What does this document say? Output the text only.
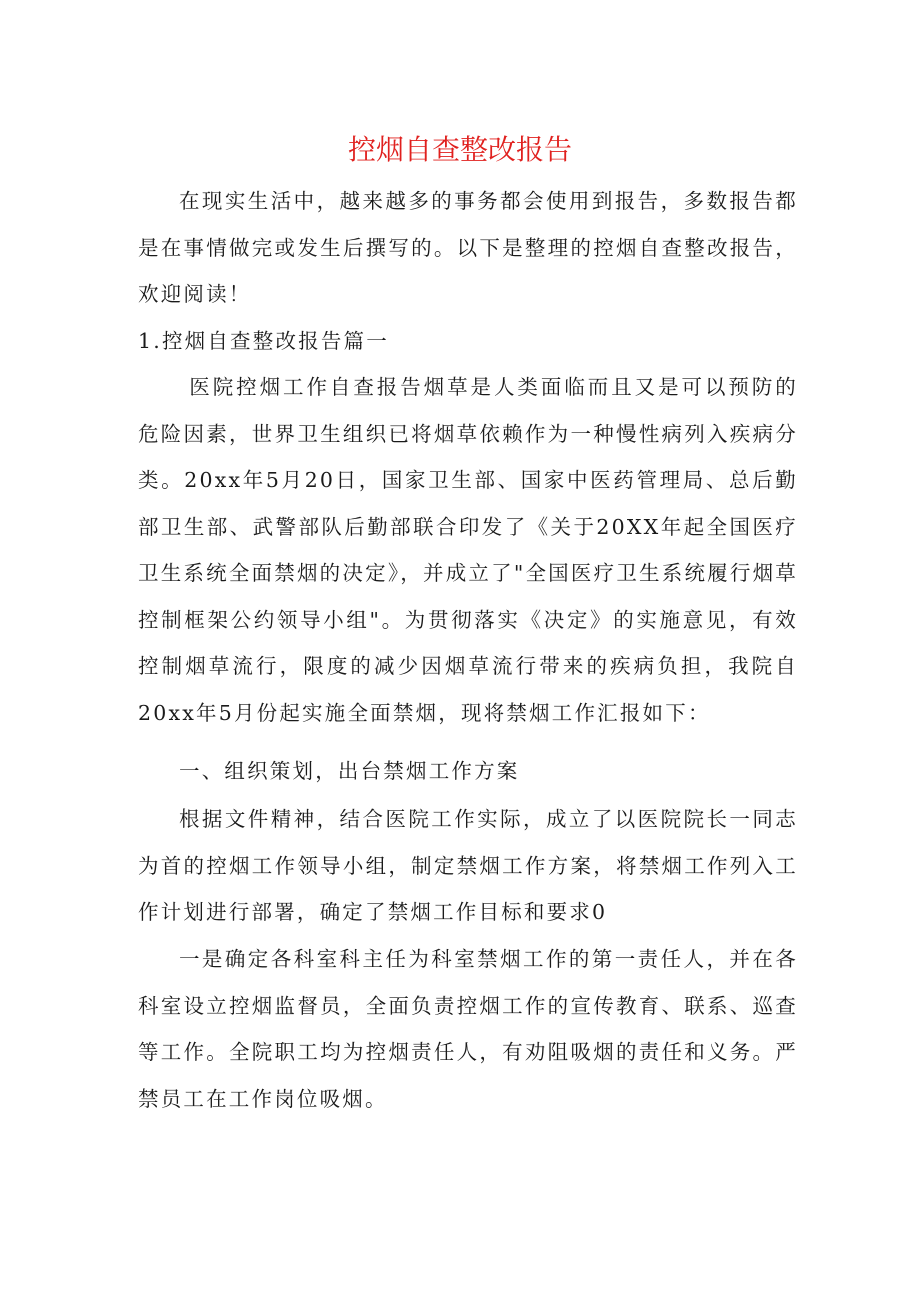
控烟自查整改报告

在现实生活中，越来越多的事务都会使用到报告，多数报告都是在事情做完或发生后撰写的。以下是整理的控烟自查整改报告，欢迎阅读！

1.控烟自查整改报告篇一

医院控烟工作自查报告烟草是人类面临而且又是可以预防的危险因素，世界卫生组织已将烟草依赖作为一种慢性病列入疾病分类。20xx年5月20日，国家卫生部、国家中医药管理局、总后勤部卫生部、武警部队后勤部联合印发了《关于20XX年起全国医疗卫生系统全面禁烟的决定》，并成立了"全国医疗卫生系统履行烟草控制框架公约领导小组"。为贯彻落实《决定》的实施意见，有效控制烟草流行，限度的减少因烟草流行带来的疾病负担，我院自20xx年5月份起实施全面禁烟，现将禁烟工作汇报如下：

一、组织策划，出台禁烟工作方案

根据文件精神，结合医院工作实际，成立了以医院院长一同志为首的控烟工作领导小组，制定禁烟工作方案，将禁烟工作列入工作计划进行部署，确定了禁烟工作目标和要求0

一是确定各科室科主任为科室禁烟工作的第一责任人，并在各科室设立控烟监督员，全面负责控烟工作的宣传教育、联系、巡查等工作。全院职工均为控烟责任人，有劝阻吸烟的责任和义务。严禁员工在工作岗位吸烟。
